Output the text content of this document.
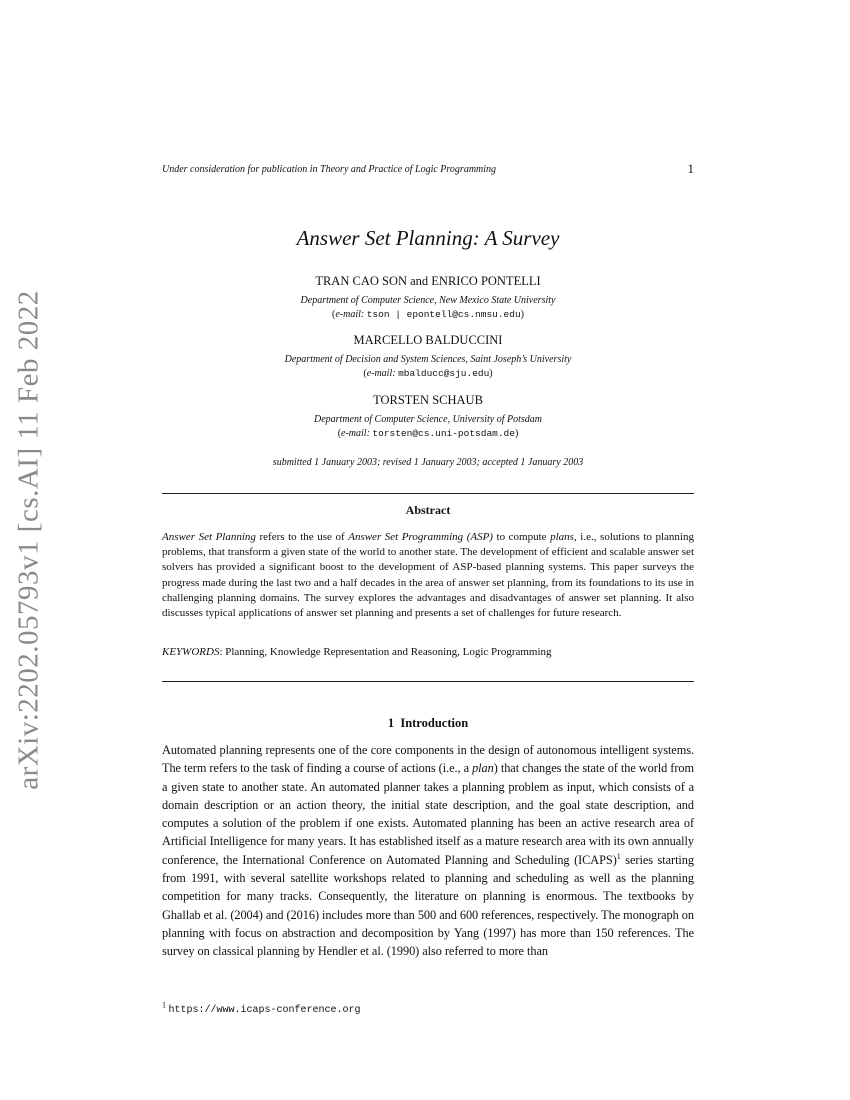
arXiv:2202.05793v1 [cs.AI] 11 Feb 2022
Under consideration for publication in Theory and Practice of Logic Programming	1
Answer Set Planning: A Survey
TRAN CAO SON and ENRICO PONTELLI
Department of Computer Science, New Mexico State University
(e-mail: tson | epontell@cs.nmsu.edu)
MARCELLO BALDUCCINI
Department of Decision and System Sciences, Saint Joseph’s University
(e-mail: mbalducc@sju.edu)
TORSTEN SCHAUB
Department of Computer Science, University of Potsdam
(e-mail: torsten@cs.uni-potsdam.de)
submitted 1 January 2003; revised 1 January 2003; accepted 1 January 2003
Abstract
Answer Set Planning refers to the use of Answer Set Programming (ASP) to compute plans, i.e., solutions to planning problems, that transform a given state of the world to another state. The development of efficient and scalable answer set solvers has provided a significant boost to the development of ASP-based planning systems. This paper surveys the progress made during the last two and a half decades in the area of answer set planning, from its foundations to its use in challenging planning domains. The survey explores the advantages and disadvantages of answer set planning. It also discusses typical applications of answer set planning and presents a set of challenges for future research.
KEYWORDS: Planning, Knowledge Representation and Reasoning, Logic Programming
1 Introduction
Automated planning represents one of the core components in the design of autonomous intelligent systems. The term refers to the task of finding a course of actions (i.e., a plan) that changes the state of the world from a given state to another state. An automated planner takes a planning problem as input, which consists of a domain description or an action theory, the initial state description, and the goal state description, and computes a solution of the problem if one exists. Automated planning has been an active research area of Artificial Intelligence for many years. It has established itself as a mature research area with its own annually conference, the International Conference on Automated Planning and Scheduling (ICAPS)$^1$ series starting from 1991, with several satellite workshops related to planning and scheduling as well as the planning competition for many tracks. Consequently, the literature on planning is enormous. The textbooks by Ghallab et al. (2004) and (2016) includes more than 500 and 600 references, respectively. The monograph on planning with focus on abstraction and decomposition by Yang (1997) has more than 150 references. The survey on classical planning by Hendler et al. (1990) also referred to more than
$^1$ https://www.icaps-conference.org
